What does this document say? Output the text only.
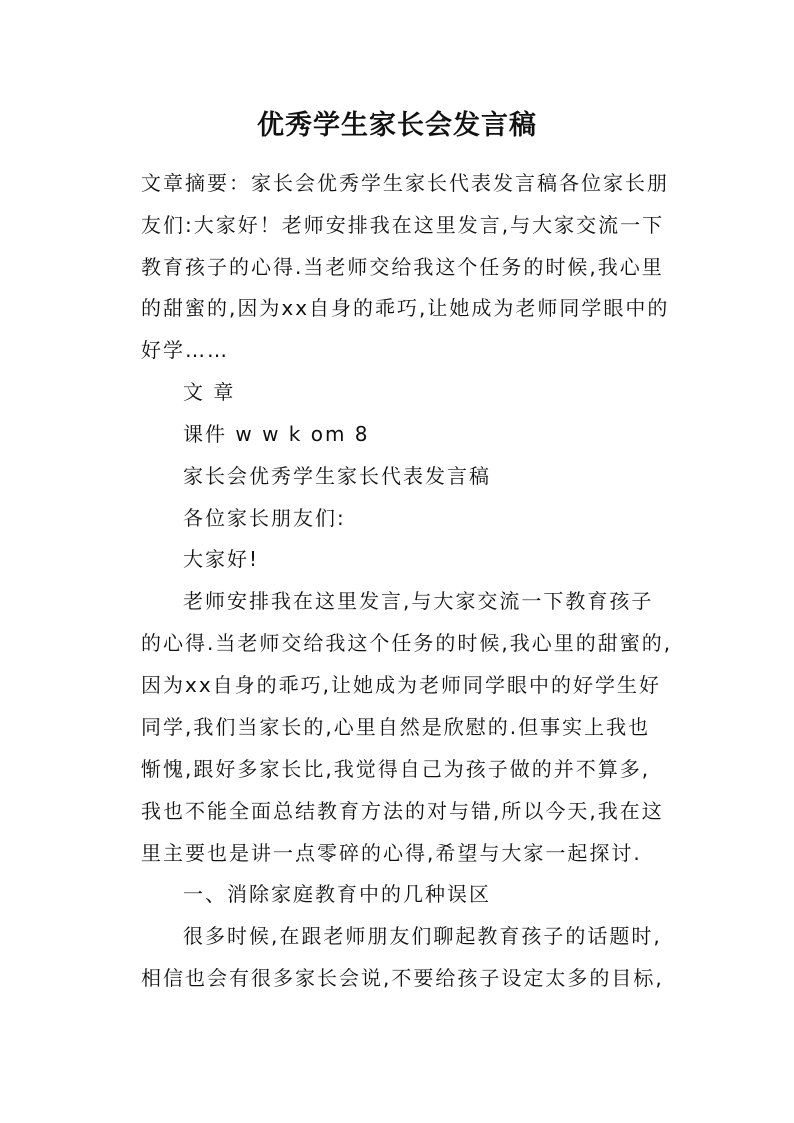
优秀学生家长会发言稿
文章摘要：家长会优秀学生家长代表发言稿各位家长朋
友们:大家好！老师安排我在这里发言,与大家交流一下
教育孩子的心得.当老师交给我这个任务的时候,我心里
的甜蜜的,因为xx自身的乖巧,让她成为老师同学眼中的
好学……
文 章
课件 w w k om 8
家长会优秀学生家长代表发言稿
各位家长朋友们:
大家好!
老师安排我在这里发言,与大家交流一下教育孩子
的心得.当老师交给我这个任务的时候,我心里的甜蜜的,
因为xx自身的乖巧,让她成为老师同学眼中的好学生好
同学,我们当家长的,心里自然是欣慰的.但事实上我也
惭愧,跟好多家长比,我觉得自己为孩子做的并不算多,
我也不能全面总结教育方法的对与错,所以今天,我在这
里主要也是讲一点零碎的心得,希望与大家一起探讨.
一、消除家庭教育中的几种误区
很多时候,在跟老师朋友们聊起教育孩子的话题时,
相信也会有很多家长会说,不要给孩子设定太多的目标,
